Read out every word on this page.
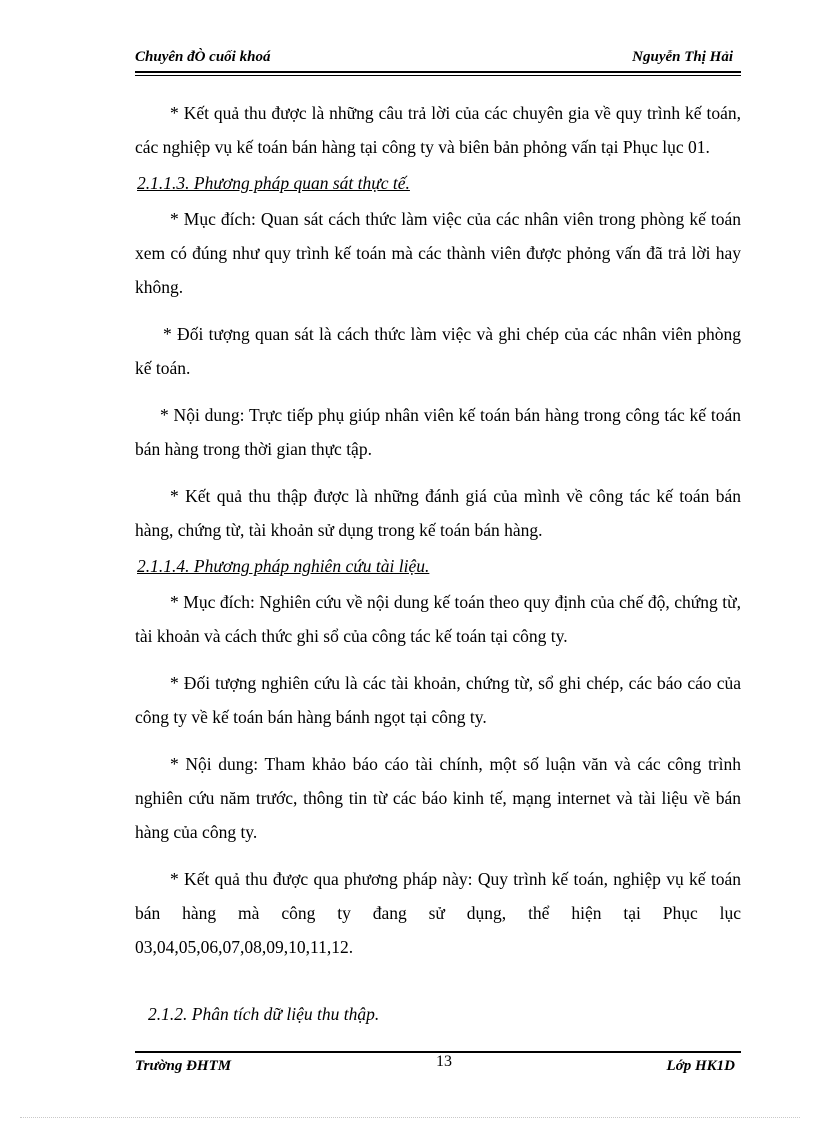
Chuyên đÒ cuối khoá	Nguyễn Thị Hải

* Kết quả thu được là những câu trả lời của các chuyên gia về quy trình kế toán, các nghiệp vụ kế toán bán hàng tại công ty và biên bản phỏng vấn tại Phục lục 01.

2.1.1.3. Phương pháp quan sát thực tế.

* Mục đích: Quan sát cách thức làm việc của các nhân viên trong phòng kế toán xem có đúng như quy trình kế toán mà các thành viên được phỏng vấn đã trả lời hay không.

* Đối tượng quan sát là cách thức làm việc và ghi chép của các nhân viên phòng kế toán.

* Nội dung: Trực tiếp phụ giúp nhân viên kế toán bán hàng trong công tác kế toán bán hàng trong thời gian thực tập.

* Kết quả thu thập được là những đánh giá của mình về công tác kế toán bán hàng, chứng từ, tài khoản sử dụng trong kế toán bán hàng.

2.1.1.4. Phương pháp nghiên cứu tài liệu.

* Mục đích: Nghiên cứu về nội dung kế toán theo quy định của chế độ, chứng từ, tài khoản và cách thức ghi sổ của công tác kế toán tại công ty.

* Đối tượng nghiên cứu là các tài khoản, chứng từ, sổ ghi chép, các báo cáo của công ty về kế toán bán hàng bánh ngọt tại công ty.

* Nội dung: Tham khảo báo cáo tài chính, một số luận văn và các công trình nghiên cứu năm trước, thông tin từ các báo kinh tế, mạng internet và tài liệu về bán hàng của công ty.

* Kết quả thu được qua phương pháp này: Quy trình kế toán, nghiệp vụ kế toán bán hàng mà công ty đang sử dụng, thể hiện tại Phục lục 03,04,05,06,07,08,09,10,11,12.

2.1.2. Phân tích dữ liệu thu thập.
Trường ĐHTM	13	Lớp HK1D
